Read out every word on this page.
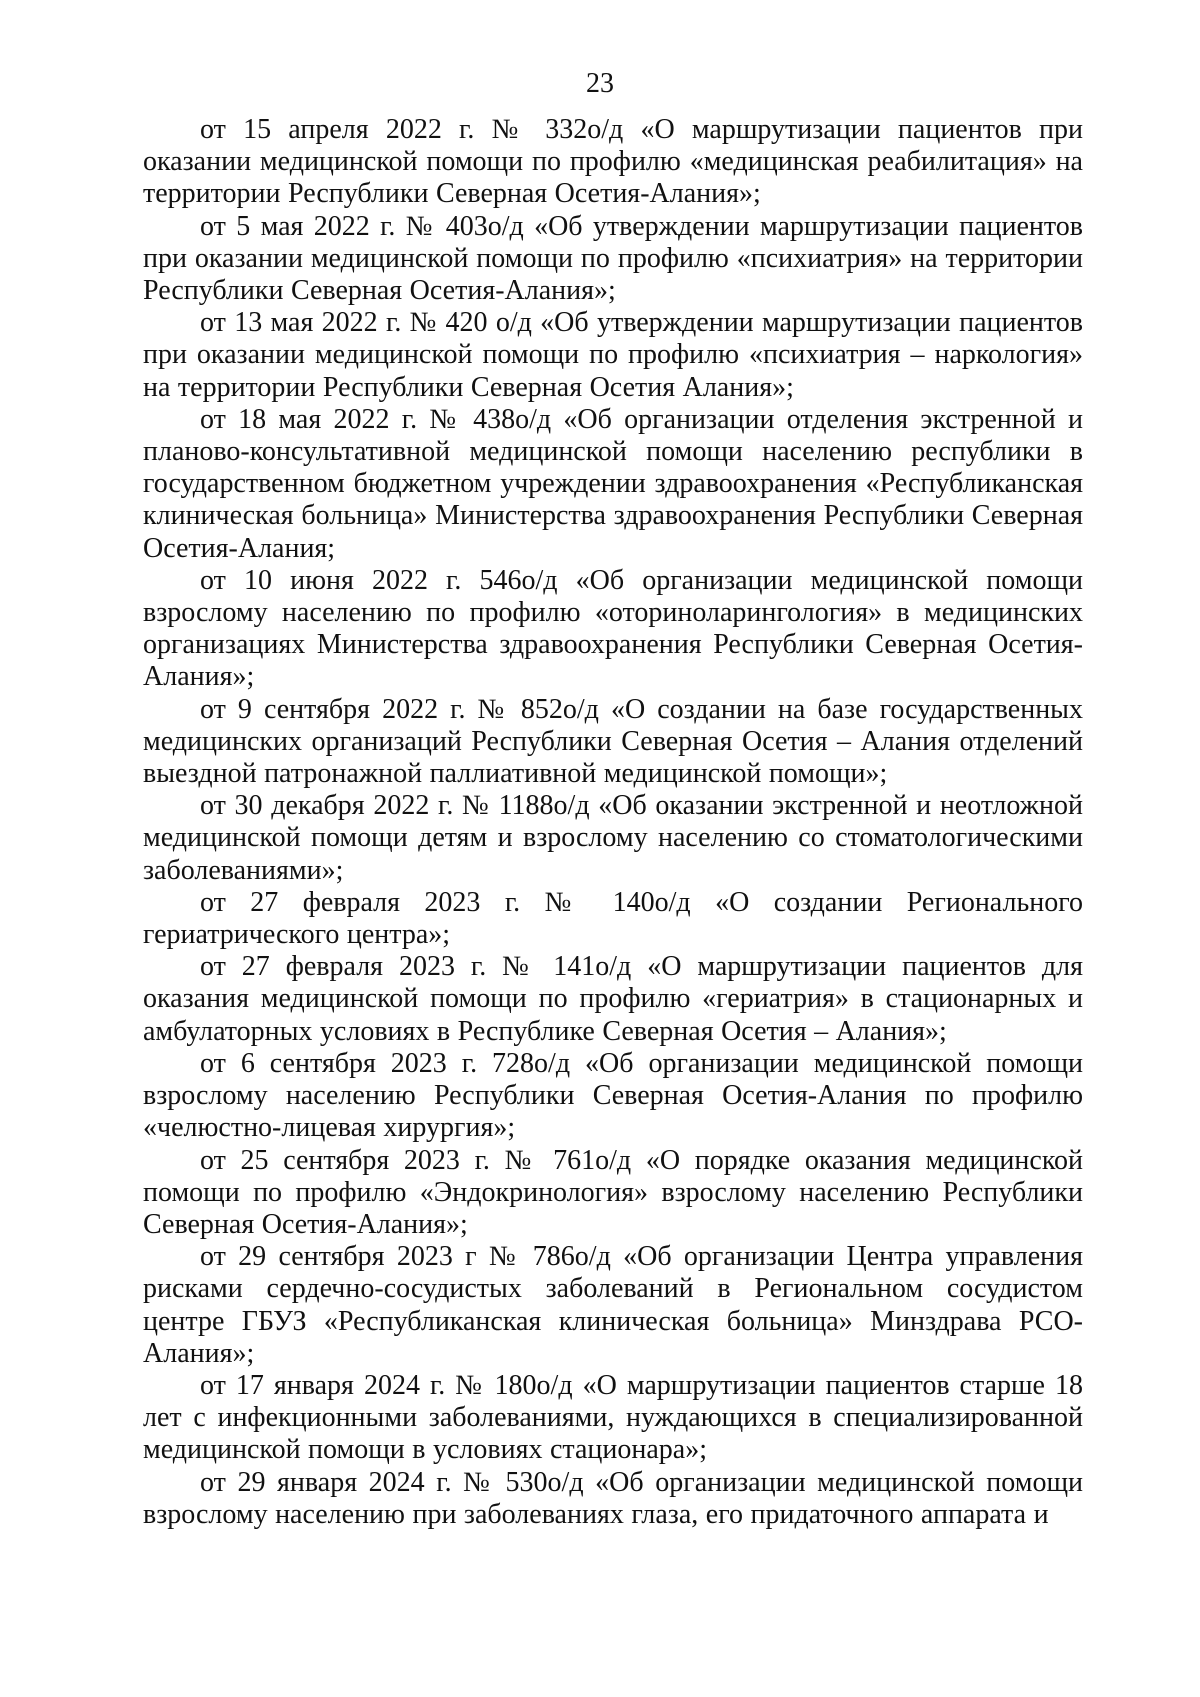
23

от 15 апреля 2022 г. № 332о/д «О маршрутизации пациентов при оказании медицинской помощи по профилю «медицинская реабилитация» на территории Республики Северная Осетия-Алания»;

от 5 мая 2022 г. № 403о/д «Об утверждении маршрутизации пациентов при оказании медицинской помощи по профилю «психиатрия» на территории Республики Северная Осетия-Алания»;

от 13 мая 2022 г. № 420 о/д «Об утверждении маршрутизации пациентов при оказании медицинской помощи по профилю «психиатрия – наркология» на территории Республики Северная Осетия Алания»;

от 18 мая 2022 г. № 438о/д «Об организации отделения экстренной и планово-консультативной медицинской помощи населению республики в государственном бюджетном учреждении здравоохранения «Республиканская клиническая больница» Министерства здравоохранения Республики Северная Осетия-Алания;

от 10 июня 2022 г. 546о/д «Об организации медицинской помощи взрослому населению по профилю «оториноларингология» в медицинских организациях Министерства здравоохранения Республики Северная Осетия-Алания»;

от 9 сентября 2022 г. № 852о/д «О создании на базе государственных медицинских организаций Республики Северная Осетия – Алания отделений выездной патронажной паллиативной медицинской помощи»;

от 30 декабря 2022 г. № 1188о/д «Об оказании экстренной и неотложной медицинской помощи детям и взрослому населению со стоматологическими заболеваниями»;

от 27 февраля 2023 г. № 140о/д «О создании Регионального гериатрического центра»;

от 27 февраля 2023 г. № 141о/д «О маршрутизации пациентов для оказания медицинской помощи по профилю «гериатрия» в стационарных и амбулаторных условиях в Республике Северная Осетия – Алания»;

от 6 сентября 2023 г. 728о/д «Об организации медицинской помощи взрослому населению Республики Северная Осетия-Алания по профилю «челюстно-лицевая хирургия»;

от 25 сентября 2023 г. № 761о/д «О порядке оказания медицинской помощи по профилю «Эндокринология» взрослому населению Республики Северная Осетия-Алания»;

от 29 сентября 2023 г № 786о/д «Об организации Центра управления рисками сердечно-сосудистых заболеваний в Региональном сосудистом центре ГБУЗ «Республиканская клиническая больница» Минздрава РСО-Алания»;

от 17 января 2024 г. № 180о/д «О маршрутизации пациентов старше 18 лет с инфекционными заболеваниями, нуждающихся в специализированной медицинской помощи в условиях стационара»;

от 29 января 2024 г. № 530о/д «Об организации медицинской помощи взрослому населению при заболеваниях глаза, его придаточного аппарата и
